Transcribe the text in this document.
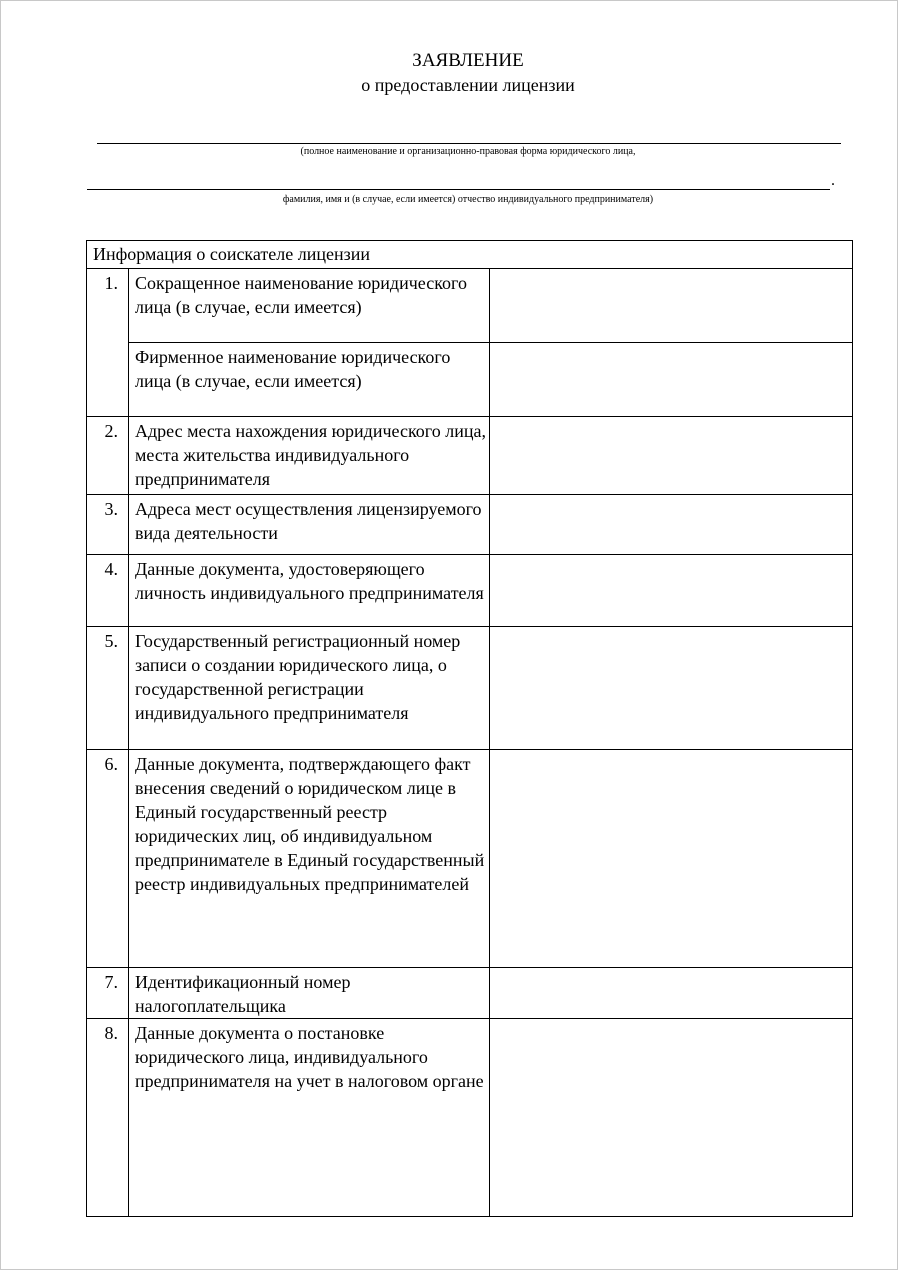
ЗАЯВЛЕНИЕ
о предоставлении лицензии
(полное наименование и организационно-правовая форма юридического лица,
.
фамилия, имя и (в случае, если имеется) отчество индивидуального предпринимателя)
Информация о соискателе лицензии		
1.	Сокращенное наименование юридического лица (в случае, если имеется)	
	Фирменное наименование юридического лица (в случае, если имеется)	
2.	Адрес места нахождения юридического лица, места жительства индивидуального предпринимателя	
3.	Адреса мест осуществления лицензируемого вида деятельности	
4.	Данные документа, удостоверяющего личность индивидуального предпринимателя	
5.	Государственный регистрационный номер записи о создании юридического лица, о государственной регистрации индивидуального предпринимателя	
6.	Данные документа, подтверждающего факт внесения сведений о юридическом лице в Единый государственный реестр юридических лиц, об индивидуальном предпринимателе в Единый государственный реестр индивидуальных предпринимателей	
7.	Идентификационный номер налогоплательщика	
8.	Данные документа о постановке юридического лица, индивидуального предпринимателя на учет в налоговом органе	
